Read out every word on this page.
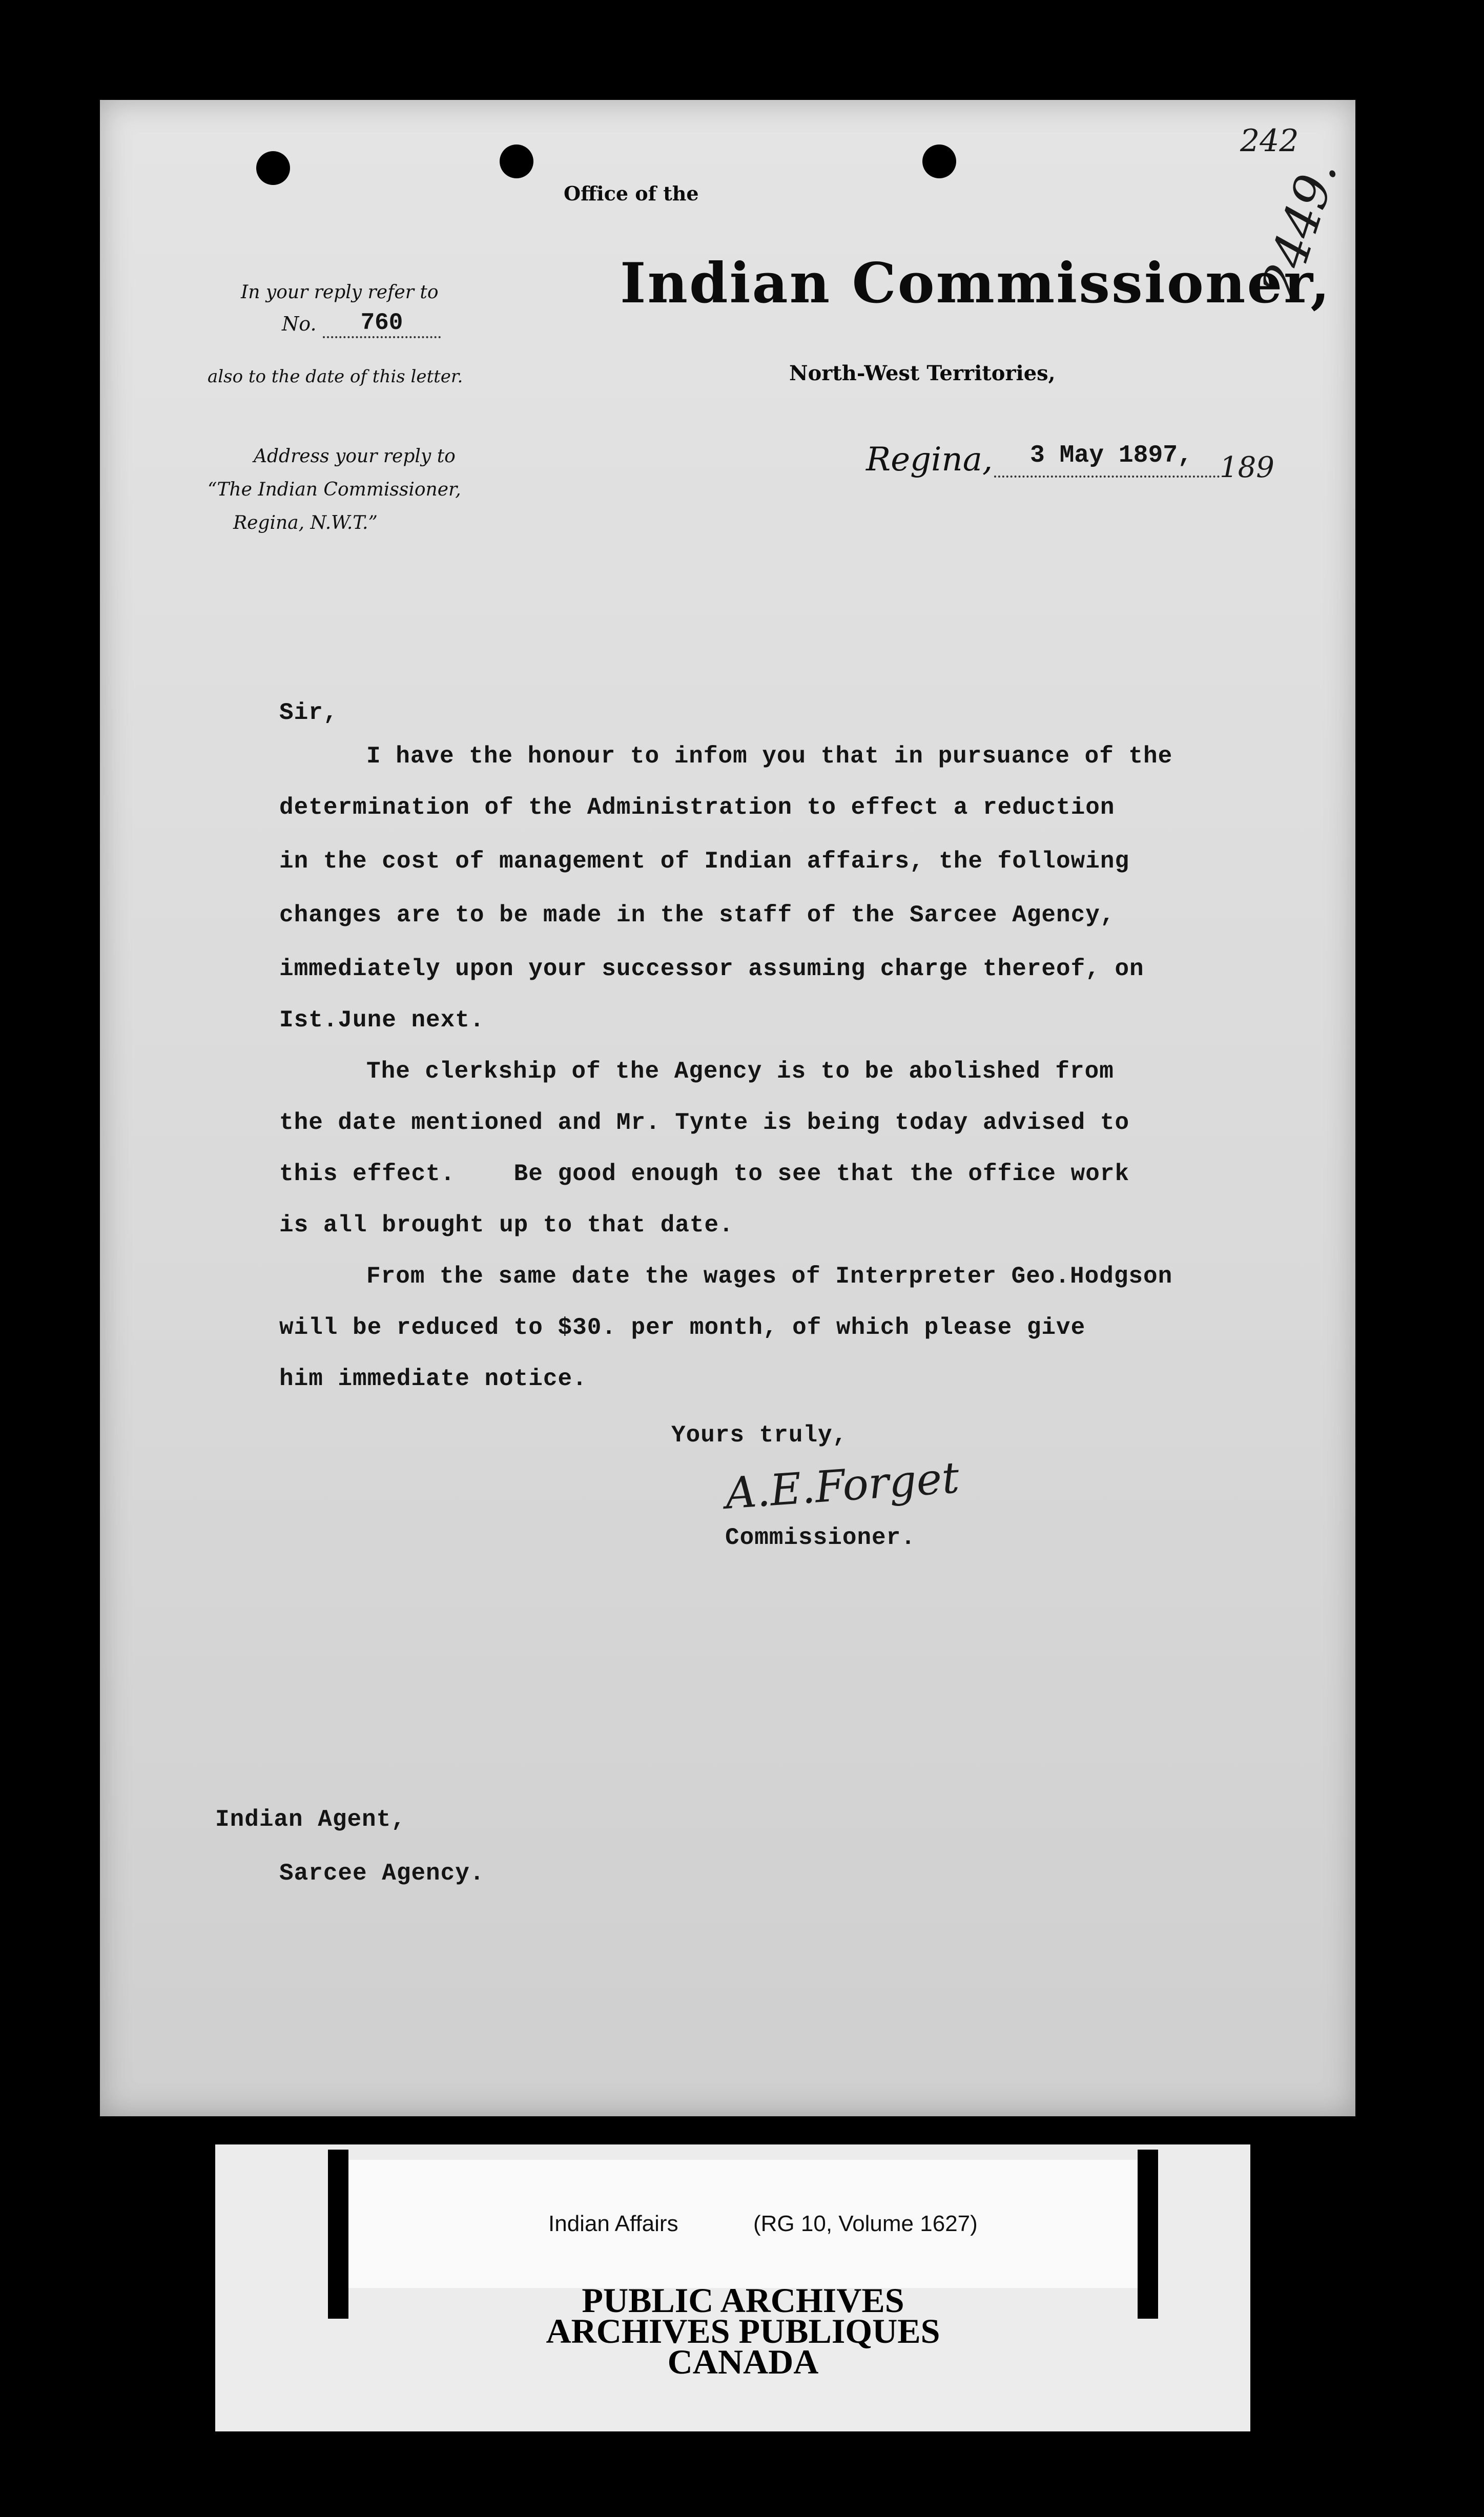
242
2449.
Office of the
Indian Commissioner,
North-West Territories,
In your reply refer to
No.	760
also to the date of this letter.
Address your reply to
“The Indian Commissioner,
Regina, N.W.T.”
Regina, 3 May 1897, 189
Sir,
I have the honour to infom you that in pursuance of the
determination of the Administration to effect a reduction
in the cost of management of Indian affairs, the following
changes are to be made in the staff of the Sarcee Agency,
immediately upon your successor assuming charge thereof, on
Ist.June next.
The clerkship of the Agency is to be abolished from
the date mentioned and Mr. Tynte is being today advised to
this effect.    Be good enough to see that the office work
is all brought up to that date.
From the same date the wages of Interpreter Geo.Hodgson
will be reduced to $30. per month, of which please give
him immediate notice.
Yours truly,
A.E.Forget
Commissioner.
Indian Agent,
Sarcee Agency.
Indian Affairs	(RG 10, Volume 1627)
PUBLIC ARCHIVES
ARCHIVES PUBLIQUES
CANADA
